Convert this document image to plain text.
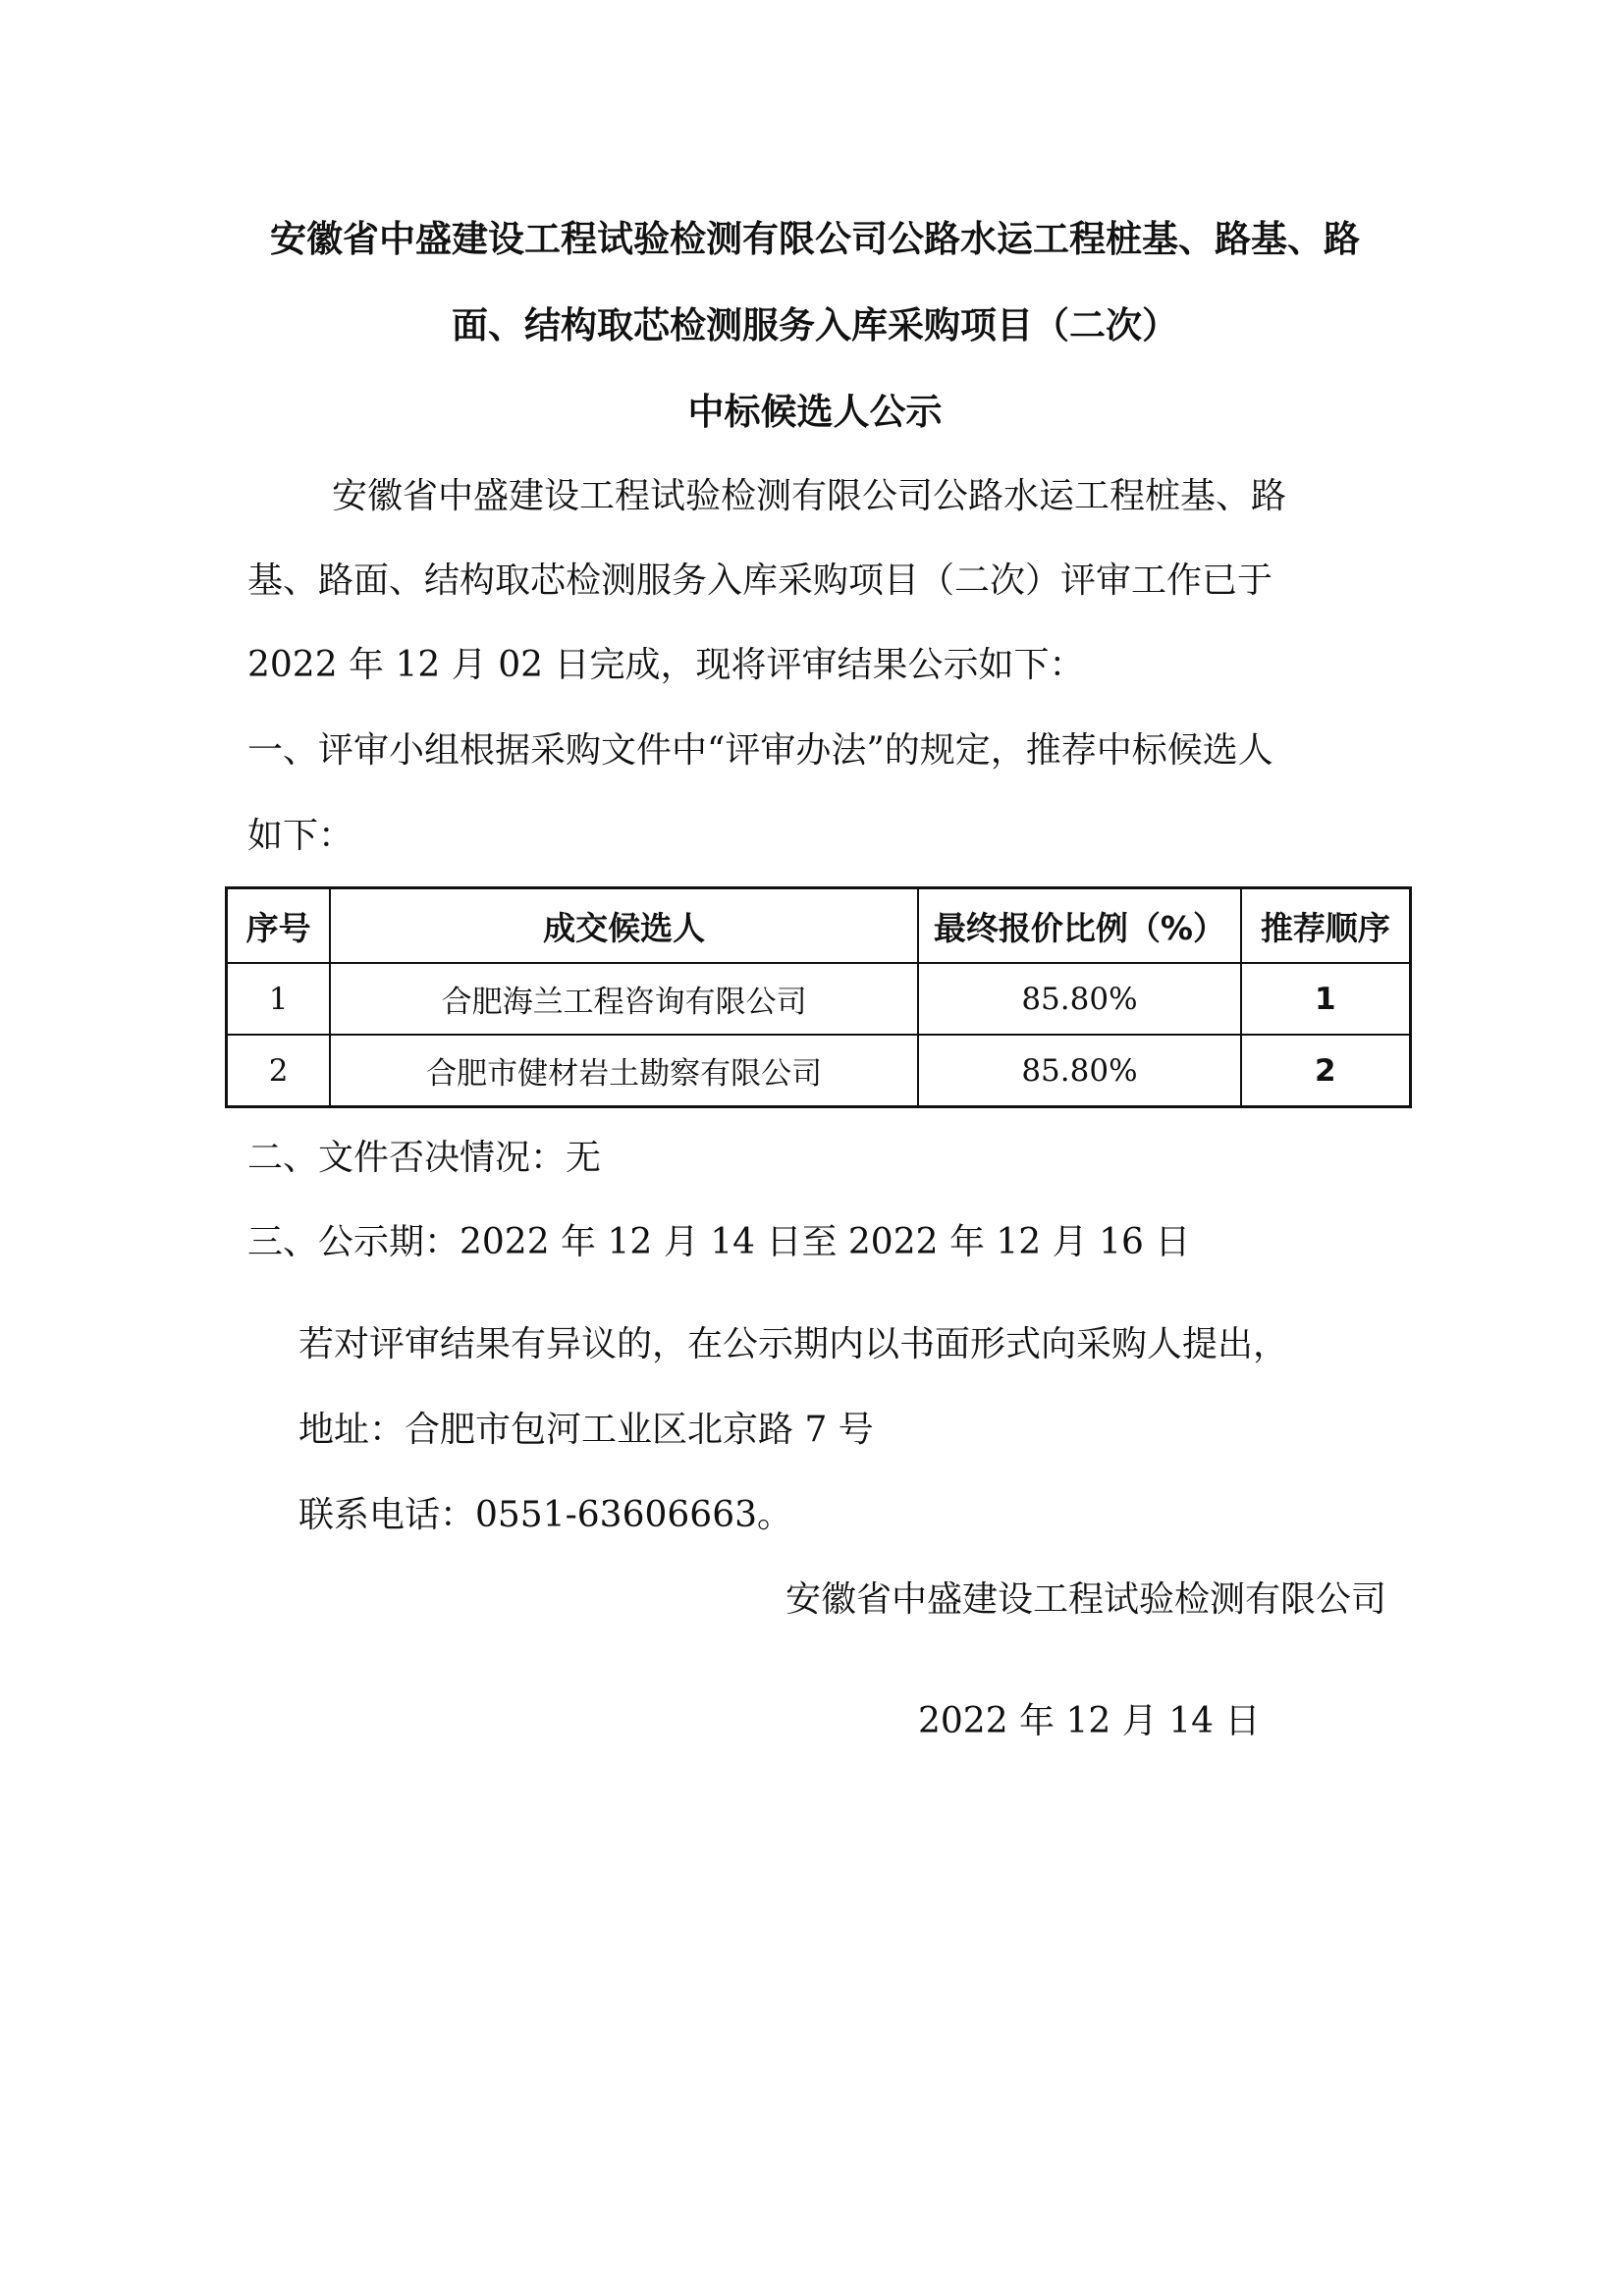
安徽省中盛建设工程试验检测有限公司公路水运工程桩基、路基、路
面、结构取芯检测服务入库采购项目（二次）
中标候选人公示
安徽省中盛建设工程试验检测有限公司公路水运工程桩基、路
基、路面、结构取芯检测服务入库采购项目（二次）评审工作已于
2022 年 12 月 02 日完成，现将评审结果公示如下：
一、评审小组根据采购文件中“评审办法”的规定，推荐中标候选人
如下：
序号	成交候选人	最终报价比例（%）	推荐顺序
1	合肥海兰工程咨询有限公司	85.80%	1
2	合肥市健材岩土勘察有限公司	85.80%	2
二、文件否决情况：无
三、公示期：2022 年 12 月 14 日至 2022 年 12 月 16 日
若对评审结果有异议的，在公示期内以书面形式向采购人提出，
地址：合肥市包河工业区北京路 7 号
联系电话：0551-63606663。
安徽省中盛建设工程试验检测有限公司
2022 年 12 月 14 日
